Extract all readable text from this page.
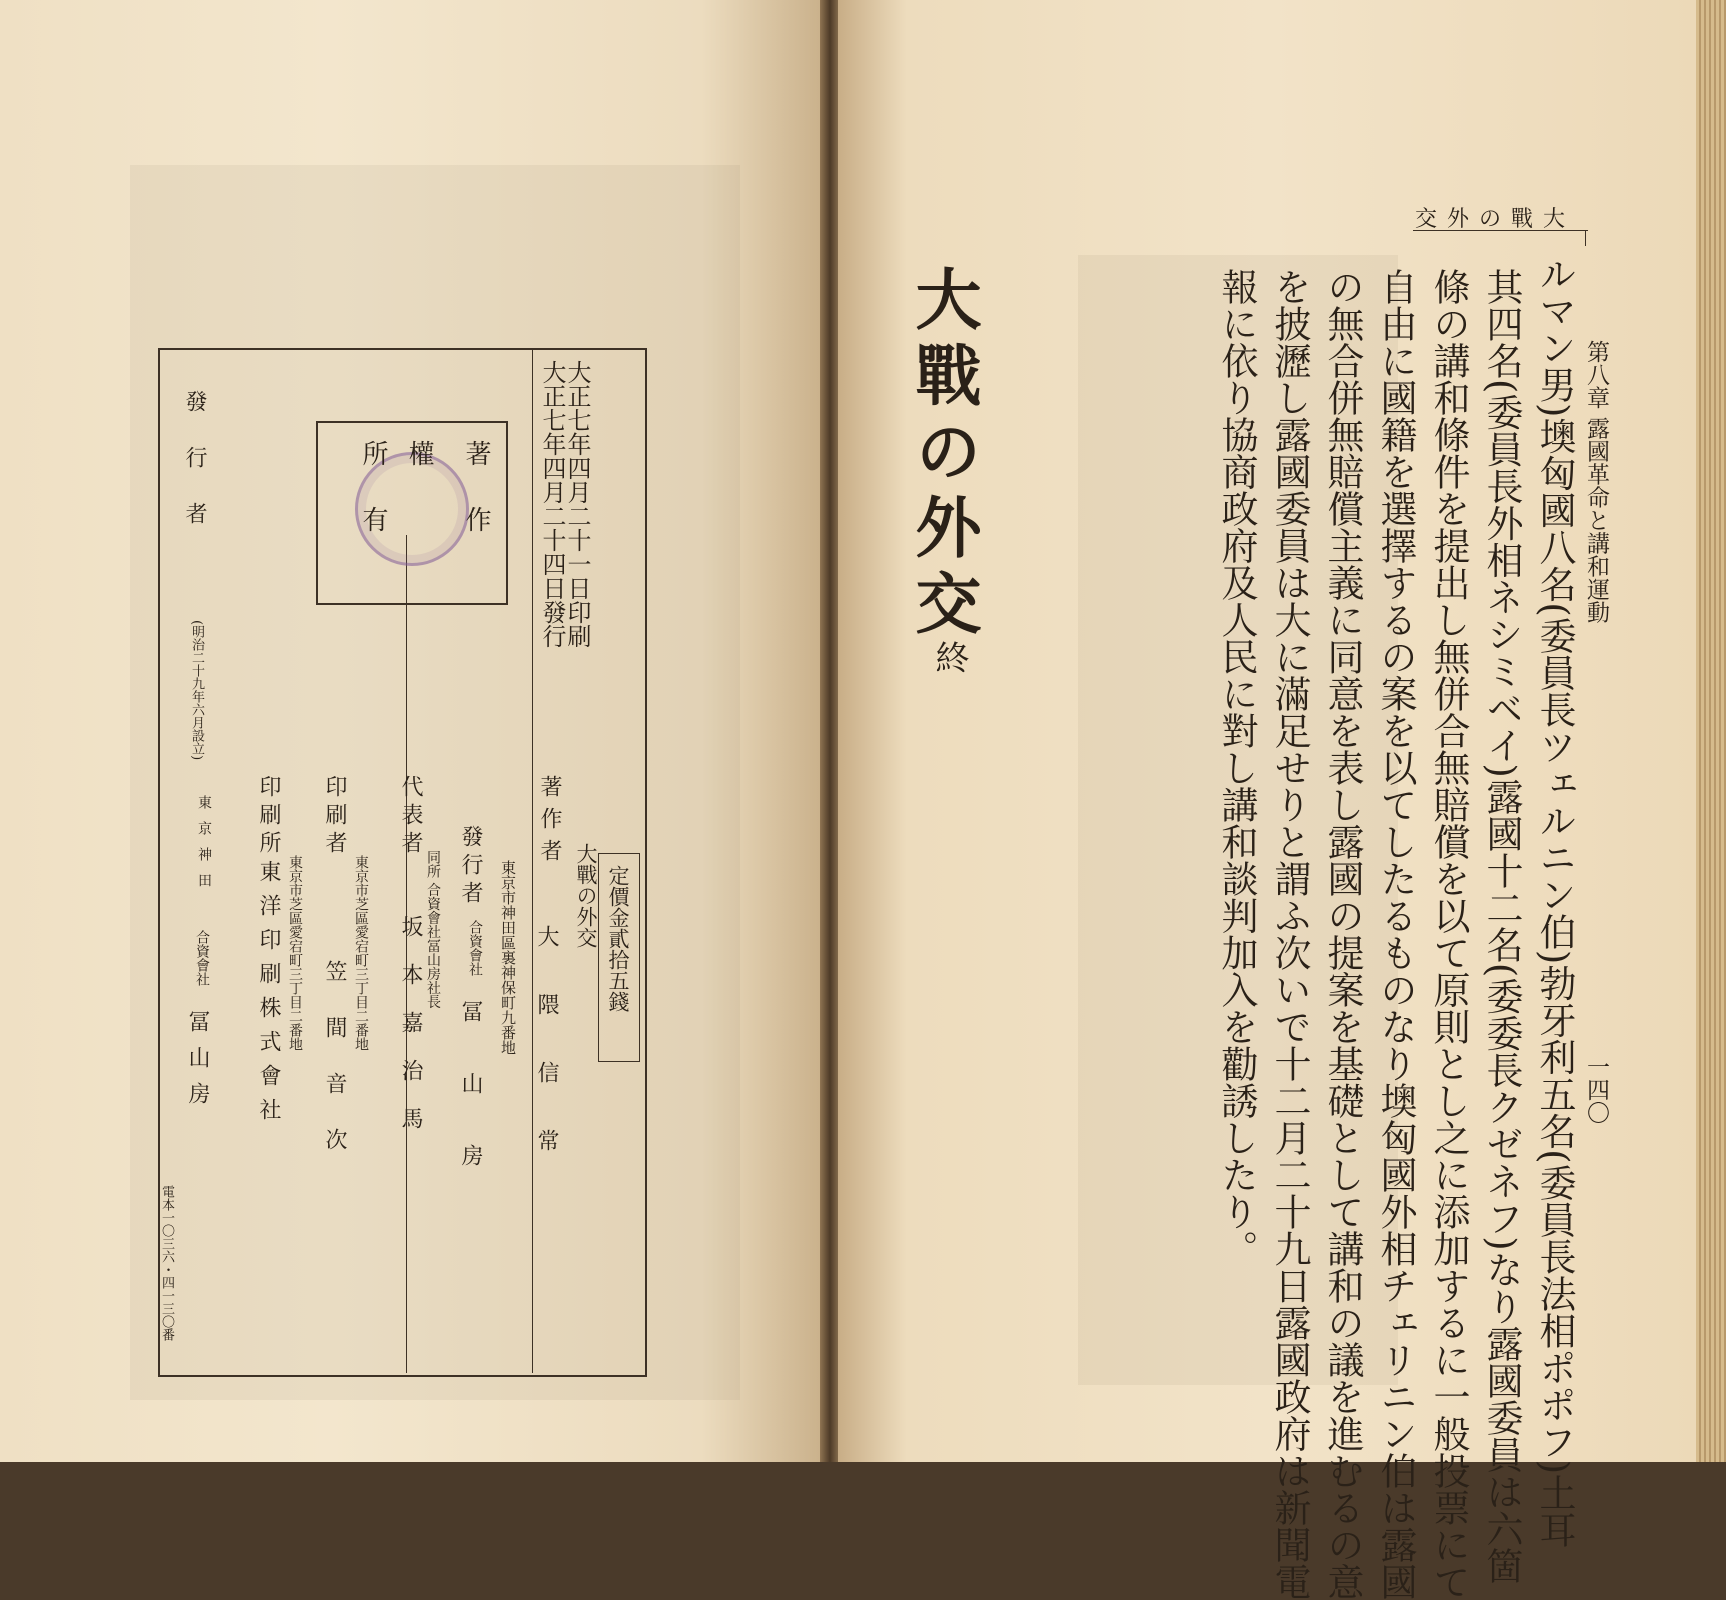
大正七年四月二十一日印刷
大正七年四月二十四日發行
大戰の外交 定價金貳拾五錢
著作
權
所有
著作者
大隈信常
東京市神田區裏神保町九番地
發行者
合資會社
冨山房
代表者
同所 合資會社冨山房社長
坂本嘉治馬
印刷者
東京市芝區愛宕町三丁目二番地
笠間音次
印刷所
東京市芝區愛宕町三丁目二番地
東洋印刷株式會社
發行者
(明治二十九年六月設立)
東京神田
合資會社
冨山房
電本一〇三六・四一三〇番
大戰の外交
第八章 露國革命と講和運動
一四〇
ルマン男)墺匈國八名(委員長ツェルニン伯)勃牙利五名(委員長法相ポポフ)土耳
其四名(委員長外相ネシミベイ)露國十二名(委委長クゼネフ)なり露國委員は六箇
條の講和條件を提出し無併合無賠償を以て原則とし之に添加するに一般投票にて
自由に國籍を選擇するの案を以てしたるものなり墺匈國外相チェリニン伯は露國
の無合併無賠償主義に同意を表し露國の提案を基礎として講和の議を進むるの意
を披瀝し露國委員は大に滿足せりと謂ふ次いで十二月二十九日露國政府は新聞電
報に依り協商政府及人民に對し講和談判加入を勸誘したり。
大戰の外交
終
